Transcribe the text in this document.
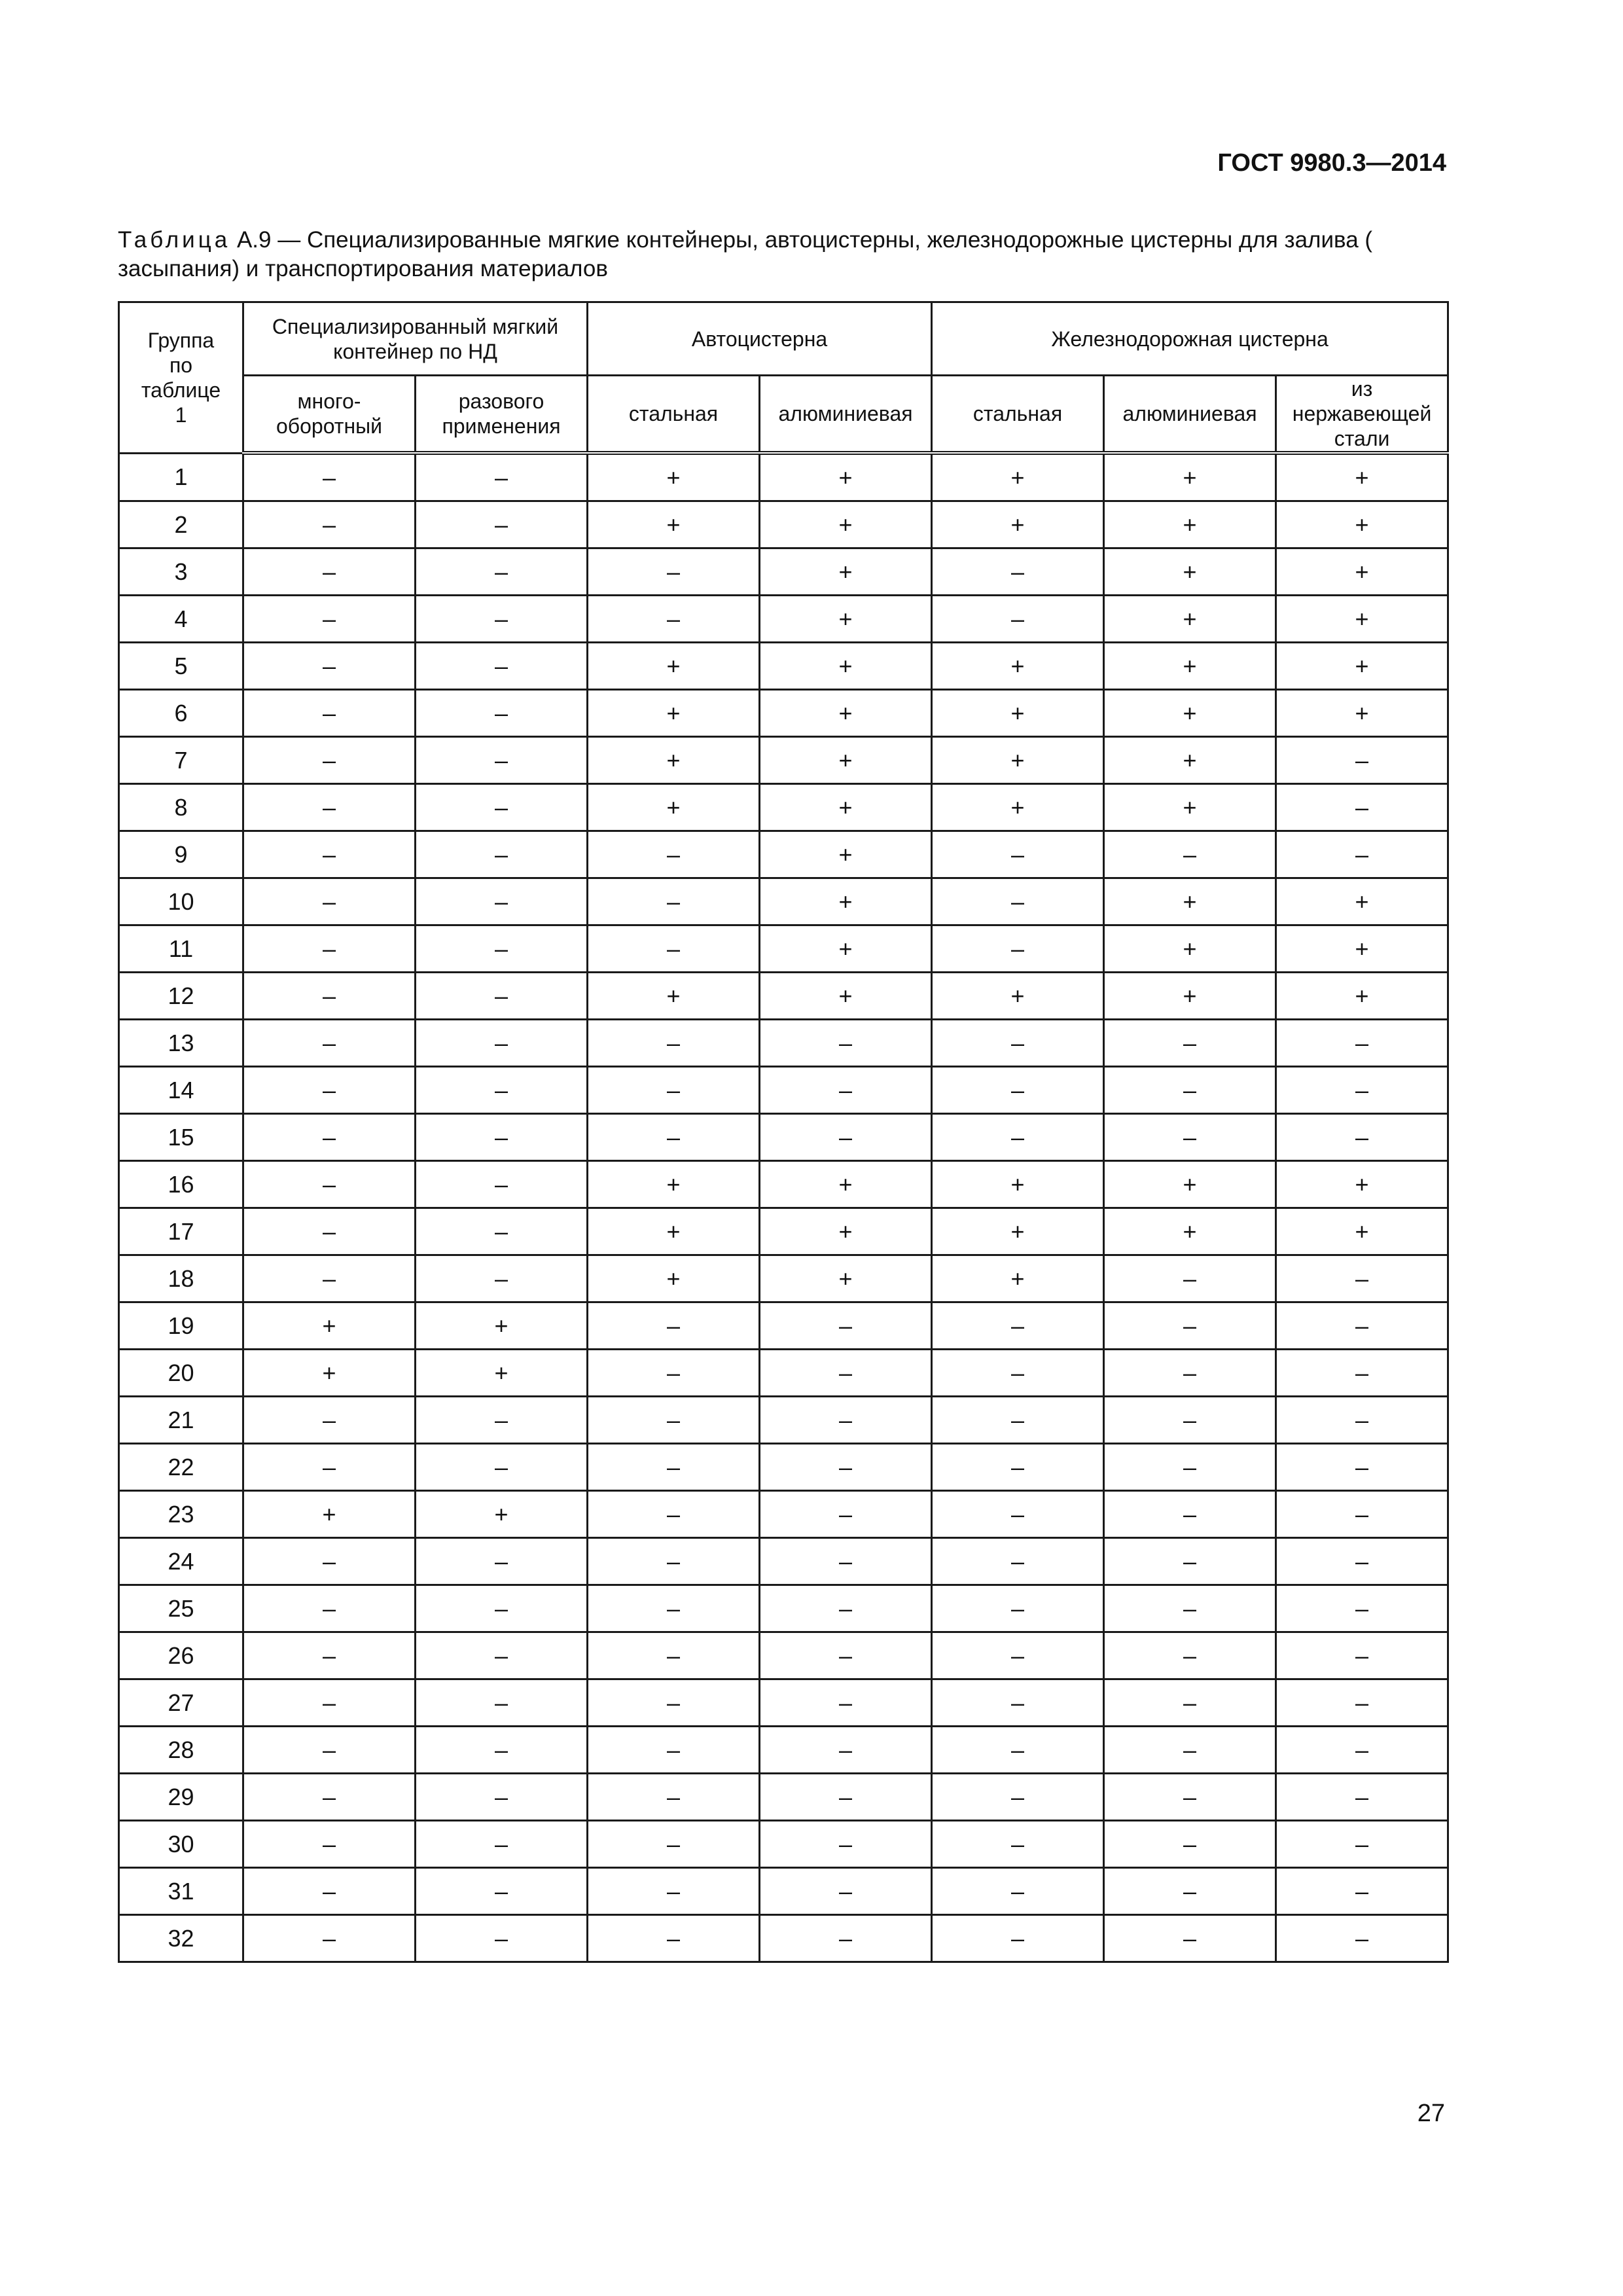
ГОСТ 9980.3—2014
Таблица А.9 — Специализированные мягкие контейнеры, автоцистерны, железнодорожные цистерны для залива ( засыпания) и транспортирования материалов
Группа по таблице 1	Специализированный мягкий контейнер по НД		Автоцистерна		Железнодорожная цистерна		
	много-оборотный	разового применения	стальная	алюминиевая	стальная	алюминиевая	из нержавеющей стали
1	–	–	+	+	+	+	+
2	–	–	+	+	+	+	+
3	–	–	–	+	–	+	+
4	–	–	–	+	–	+	+
5	–	–	+	+	+	+	+
6	–	–	+	+	+	+	+
7	–	–	+	+	+	+	–
8	–	–	+	+	+	+	–
9	–	–	–	+	–	–	–
10	–	–	–	+	–	+	+
11	–	–	–	+	–	+	+
12	–	–	+	+	+	+	+
13	–	–	–	–	–	–	–
14	–	–	–	–	–	–	–
15	–	–	–	–	–	–	–
16	–	–	+	+	+	+	+
17	–	–	+	+	+	+	+
18	–	–	+	+	+	–	–
19	+	+	–	–	–	–	–
20	+	+	–	–	–	–	–
21	–	–	–	–	–	–	–
22	–	–	–	–	–	–	–
23	+	+	–	–	–	–	–
24	–	–	–	–	–	–	–
25	–	–	–	–	–	–	–
26	–	–	–	–	–	–	–
27	–	–	–	–	–	–	–
28	–	–	–	–	–	–	–
29	–	–	–	–	–	–	–
30	–	–	–	–	–	–	–
31	–	–	–	–	–	–	–
32	–	–	–	–	–	–	–
27
